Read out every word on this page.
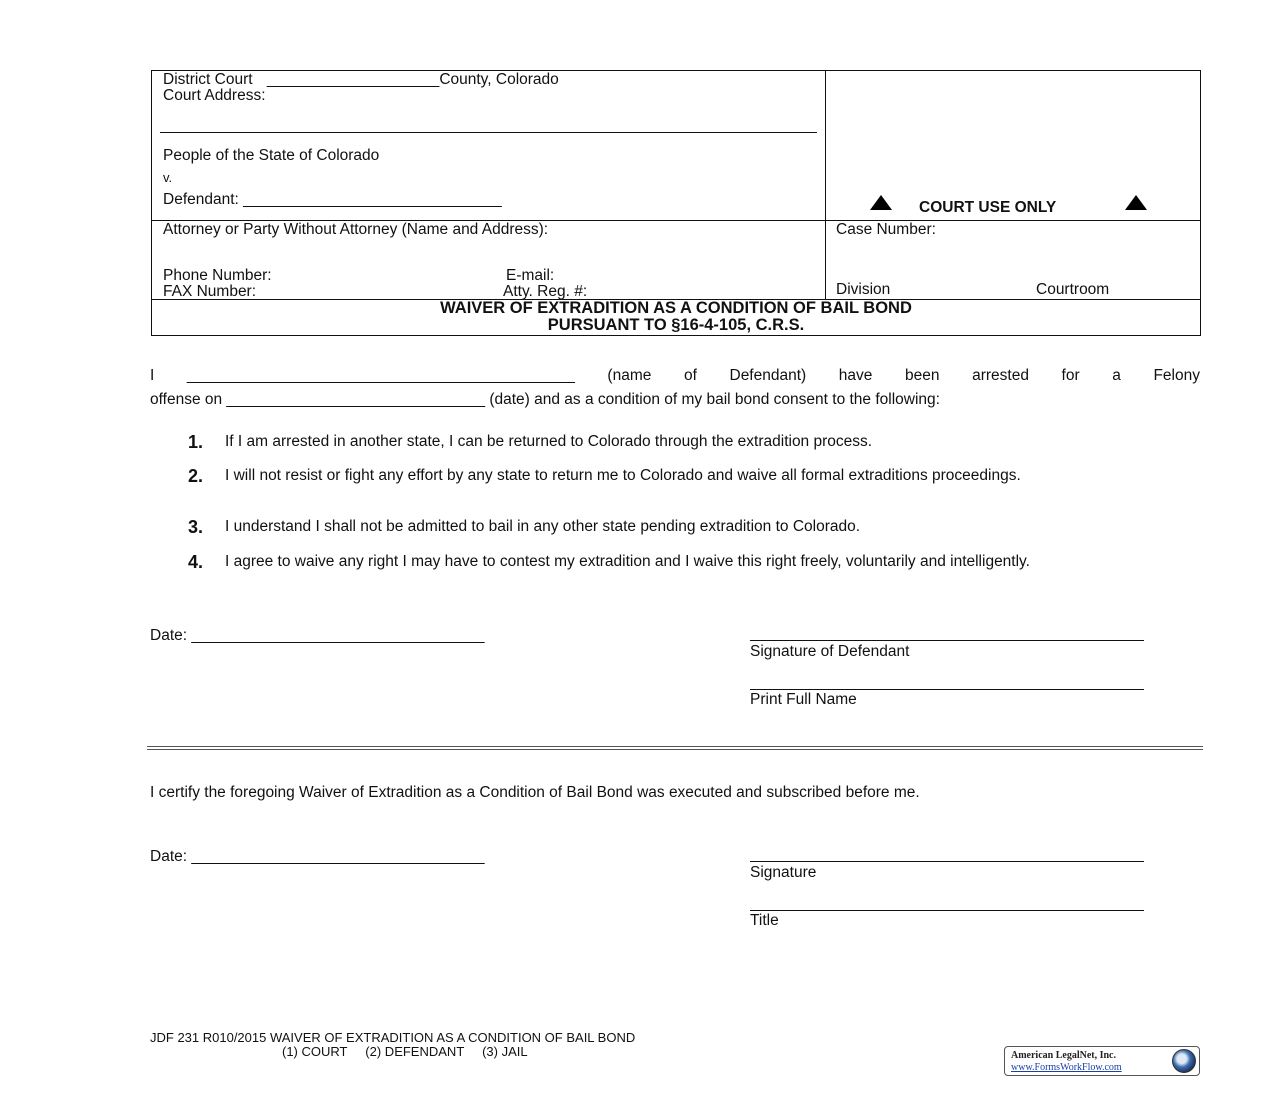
District Court ____________________County, Colorado
Court Address:
People of the State of Colorado
v.
Defendant: ______________________________	COURT USE ONLY
Attorney or Party Without Attorney (Name and Address):
Phone Number:	E-mail:
FAX Number:	Atty. Reg. #:
Case Number:
Division	Courtroom
WAIVER OF EXTRADITION AS A CONDITION OF BAIL BOND
PURSUANT TO §16-4-105, C.R.S.
I _____________________________________________ (name of Defendant) have been arrested for a Felony
offense on ______________________________ (date) and as a condition of my bail bond consent to the following:
1. If I am arrested in another state, I can be returned to Colorado through the extradition process.
2. I will not resist or fight any effort by any state to return me to Colorado and waive all formal extraditions proceedings.
3. I understand I shall not be admitted to bail in any other state pending extradition to Colorado.
4. I agree to waive any right I may have to contest my extradition and I waive this right freely, voluntarily and intelligently.
Date: __________________________________
Signature of Defendant
Print Full Name
I certify the foregoing Waiver of Extradition as a Condition of Bail Bond was executed and subscribed before me.
Date: __________________________________
Signature
Title
JDF 231 R010/2015 WAIVER OF EXTRADITION AS A CONDITION OF BAIL BOND
(1) COURT     (2) DEFENDANT     (3) JAIL	American LegalNet, Inc.
www.FormsWorkFlow.com
